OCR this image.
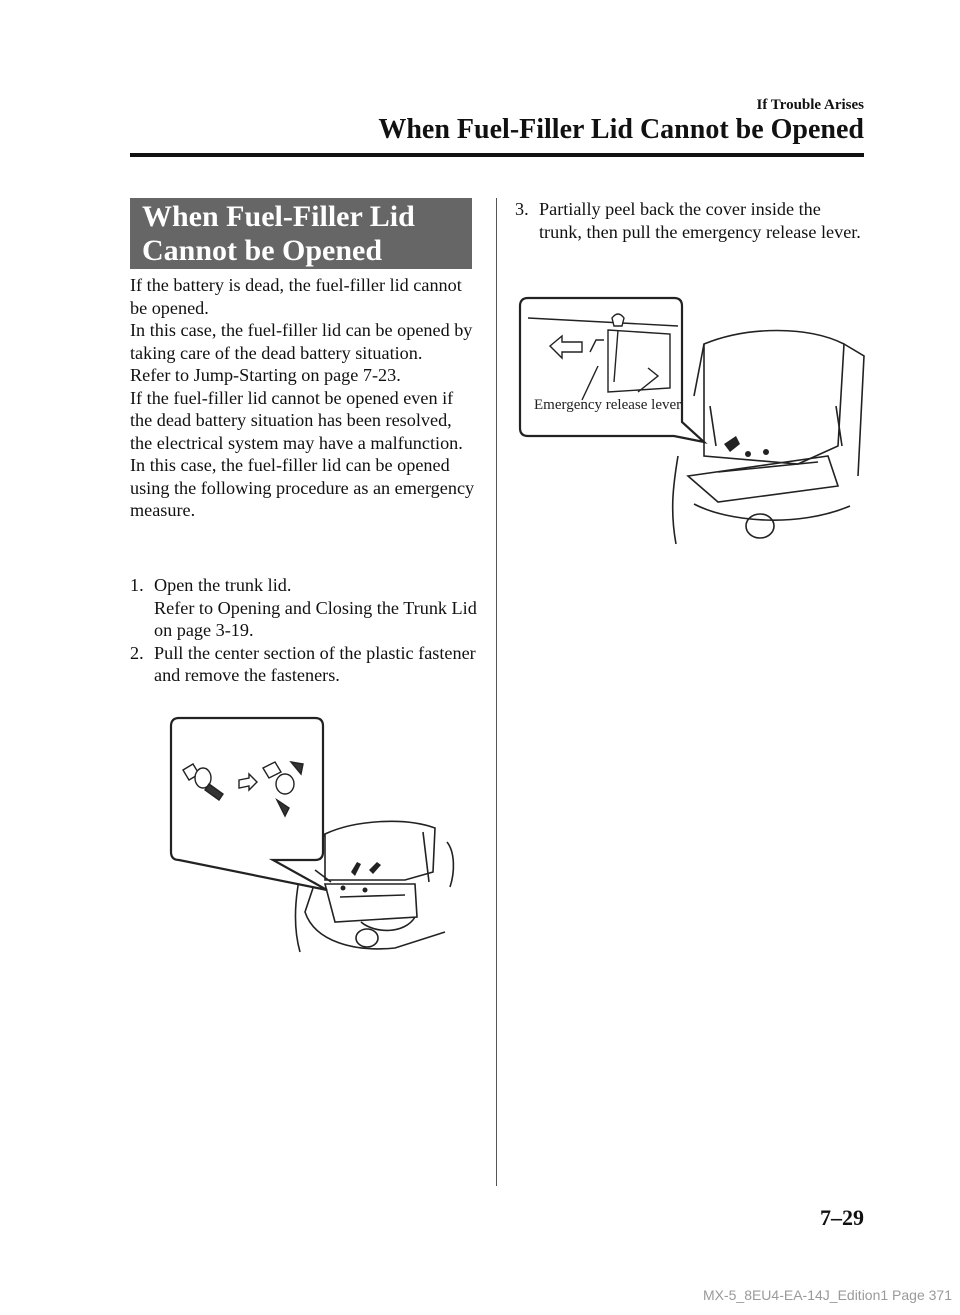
If Trouble Arises
When Fuel-Filler Lid Cannot be Opened
When Fuel-Filler Lid
Cannot be Opened

If the battery is dead, the fuel-filler lid cannot be opened.

In this case, the fuel-filler lid can be opened by taking care of the dead battery situation.

Refer to Jump-Starting on page 7-23.

If the fuel-filler lid cannot be opened even if the dead battery situation has been resolved, the electrical system may have a malfunction.

In this case, the fuel-filler lid can be opened using the following procedure as an emergency measure.

1. Open the trunk lid.
Refer to Opening and Closing the Trunk Lid on page 3-19.
2. Pull the center section of the plastic fastener and remove the fasteners.
3. Partially peel back the cover inside the trunk, then pull the emergency release lever.
Emergency release lever
7–29
MX-5_8EU4-EA-14J_Edition1 Page 371
